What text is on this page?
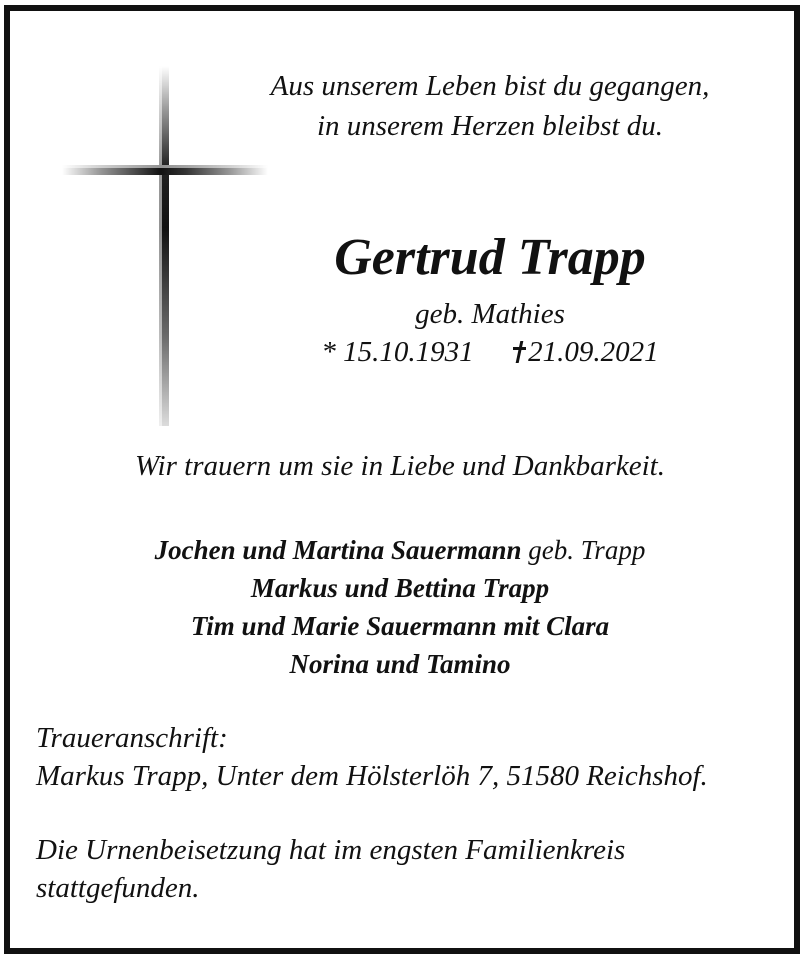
Aus unserem Leben bist du gegangen,
in unserem Herzen bleibst du.
Gertrud Trapp
geb. Mathies
* 15.10.1931 21.09.2021
Wir trauern um sie in Liebe und Dankbarkeit.
Jochen und Martina Sauermann geb. Trapp
Markus und Bettina Trapp
Tim und Marie Sauermann mit Clara
Norina und Tamino
Traueranschrift:
Markus Trapp, Unter dem Hölsterlöh 7, 51580 Reichshof.
Die Urnenbeisetzung hat im engsten Familienkreis
stattgefunden.
